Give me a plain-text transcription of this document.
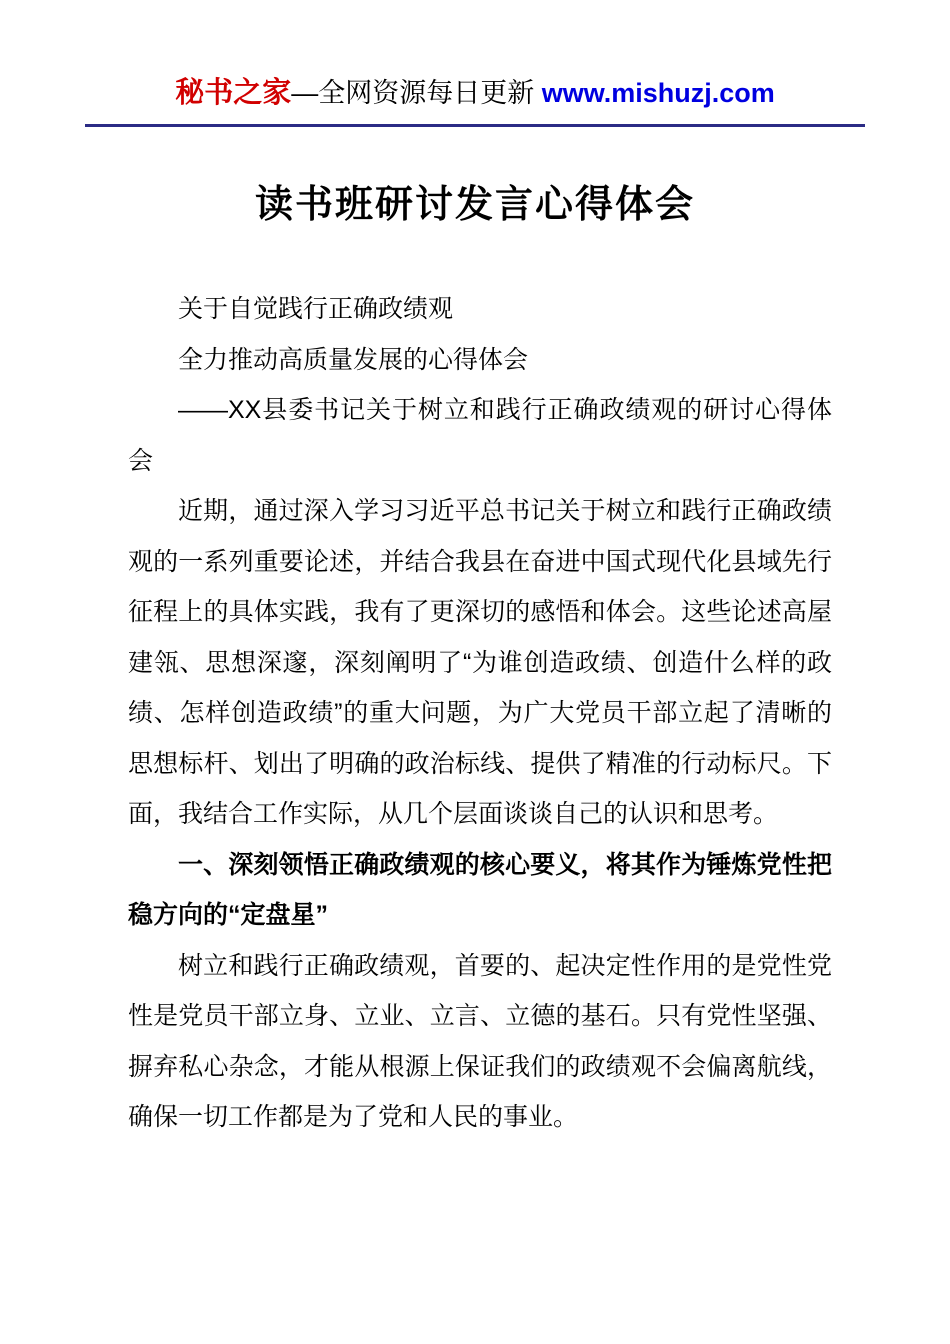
秘书之家—全网资源每日更新 www.mishuzj.com
读书班研讨发言心得体会

关于自觉践行正确政绩观

全力推动高质量发展的心得体会

——XX县委书记关于树立和践行正确政绩观的研讨心得体会

近期，通过深入学习习近平总书记关于树立和践行正确政绩观的一系列重要论述，并结合我县在奋进中国式现代化县域先行征程上的具体实践，我有了更深切的感悟和体会。这些论述高屋建瓴、思想深邃，深刻阐明了“为谁创造政绩、创造什么样的政绩、怎样创造政绩”的重大问题，为广大党员干部立起了清晰的思想标杆、划出了明确的政治标线、提供了精准的行动标尺。下面，我结合工作实际，从几个层面谈谈自己的认识和思考。

一、深刻领悟正确政绩观的核心要义，将其作为锤炼党性把稳方向的“定盘星”

树立和践行正确政绩观，首要的、起决定性作用的是党性党性是党员干部立身、立业、立言、立德的基石。只有党性坚强、摒弃私心杂念，才能从根源上保证我们的政绩观不会偏离航线，确保一切工作都是为了党和人民的事业。
